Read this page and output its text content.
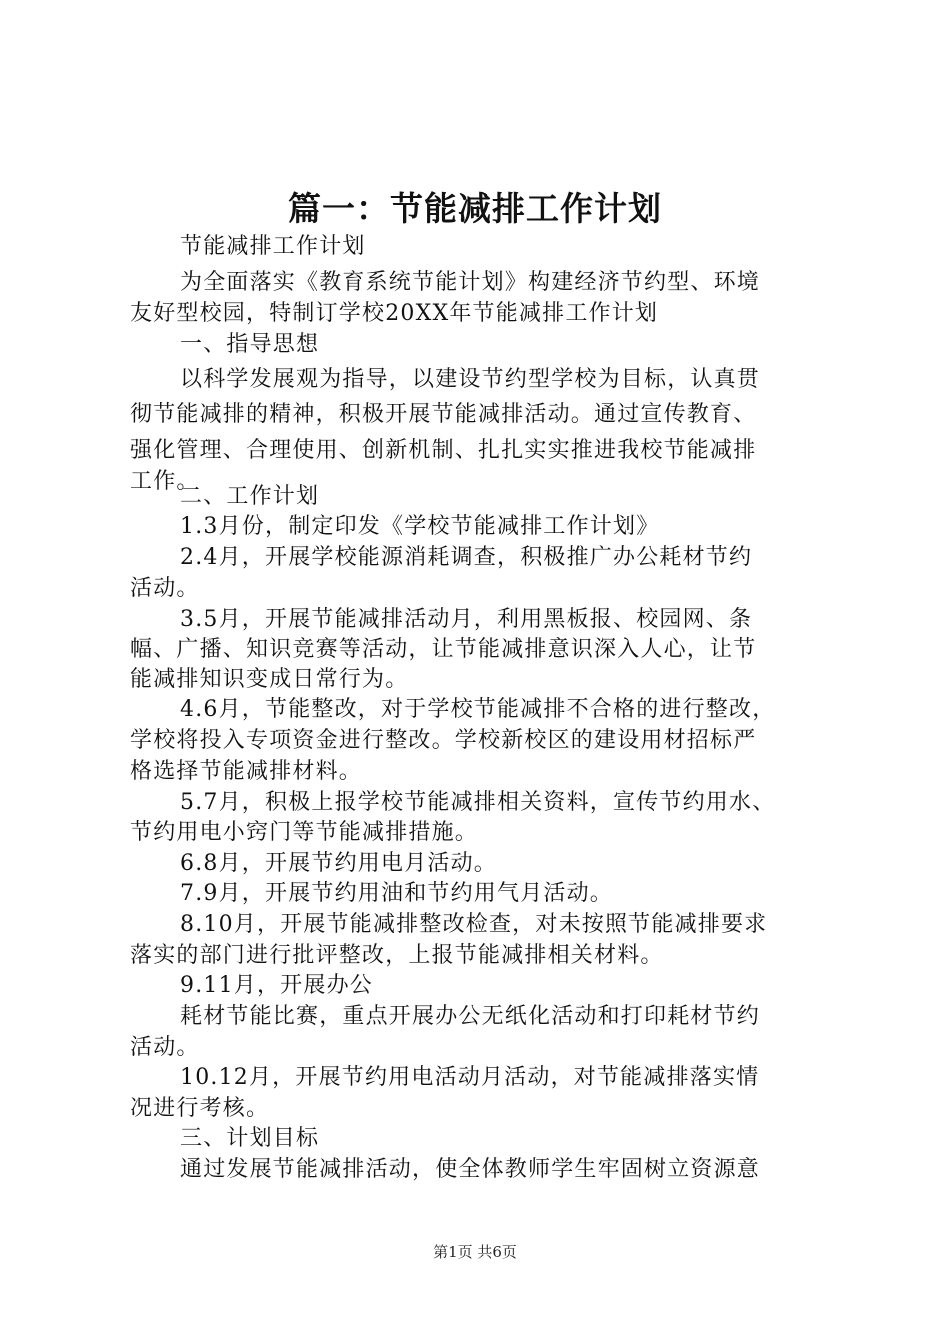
篇一：节能减排工作计划
节能减排工作计划
为全面落实《教育系统节能计划》构建经济节约型、环境
友好型校园，特制订学校20XX年节能减排工作计划
一、指导思想
以科学发展观为指导，以建设节约型学校为目标，认真贯
彻节能减排的精神，积极开展节能减排活动。通过宣传教育、
强化管理、合理使用、创新机制、扎扎实实推进我校节能减排
工作。
二、工作计划
1.3月份，制定印发《学校节能减排工作计划》
2.4月，开展学校能源消耗调查，积极推广办公耗材节约
活动。
3.5月，开展节能减排活动月，利用黑板报、校园网、条
幅、广播、知识竞赛等活动，让节能减排意识深入人心，让节
能减排知识变成日常行为。
4.6月，节能整改，对于学校节能减排不合格的进行整改，
学校将投入专项资金进行整改。学校新校区的建设用材招标严
格选择节能减排材料。
5.7月，积极上报学校节能减排相关资料，宣传节约用水、
节约用电小窍门等节能减排措施。
6.8月，开展节约用电月活动。
7.9月，开展节约用油和节约用气月活动。
8.10月，开展节能减排整改检查，对未按照节能减排要求
落实的部门进行批评整改，上报节能减排相关材料。
9.11月，开展办公
耗材节能比赛，重点开展办公无纸化活动和打印耗材节约
活动。
10.12月，开展节约用电活动月活动，对节能减排落实情
况进行考核。
三、计划目标
通过发展节能减排活动，使全体教师学生牢固树立资源意
第1页 共6页
